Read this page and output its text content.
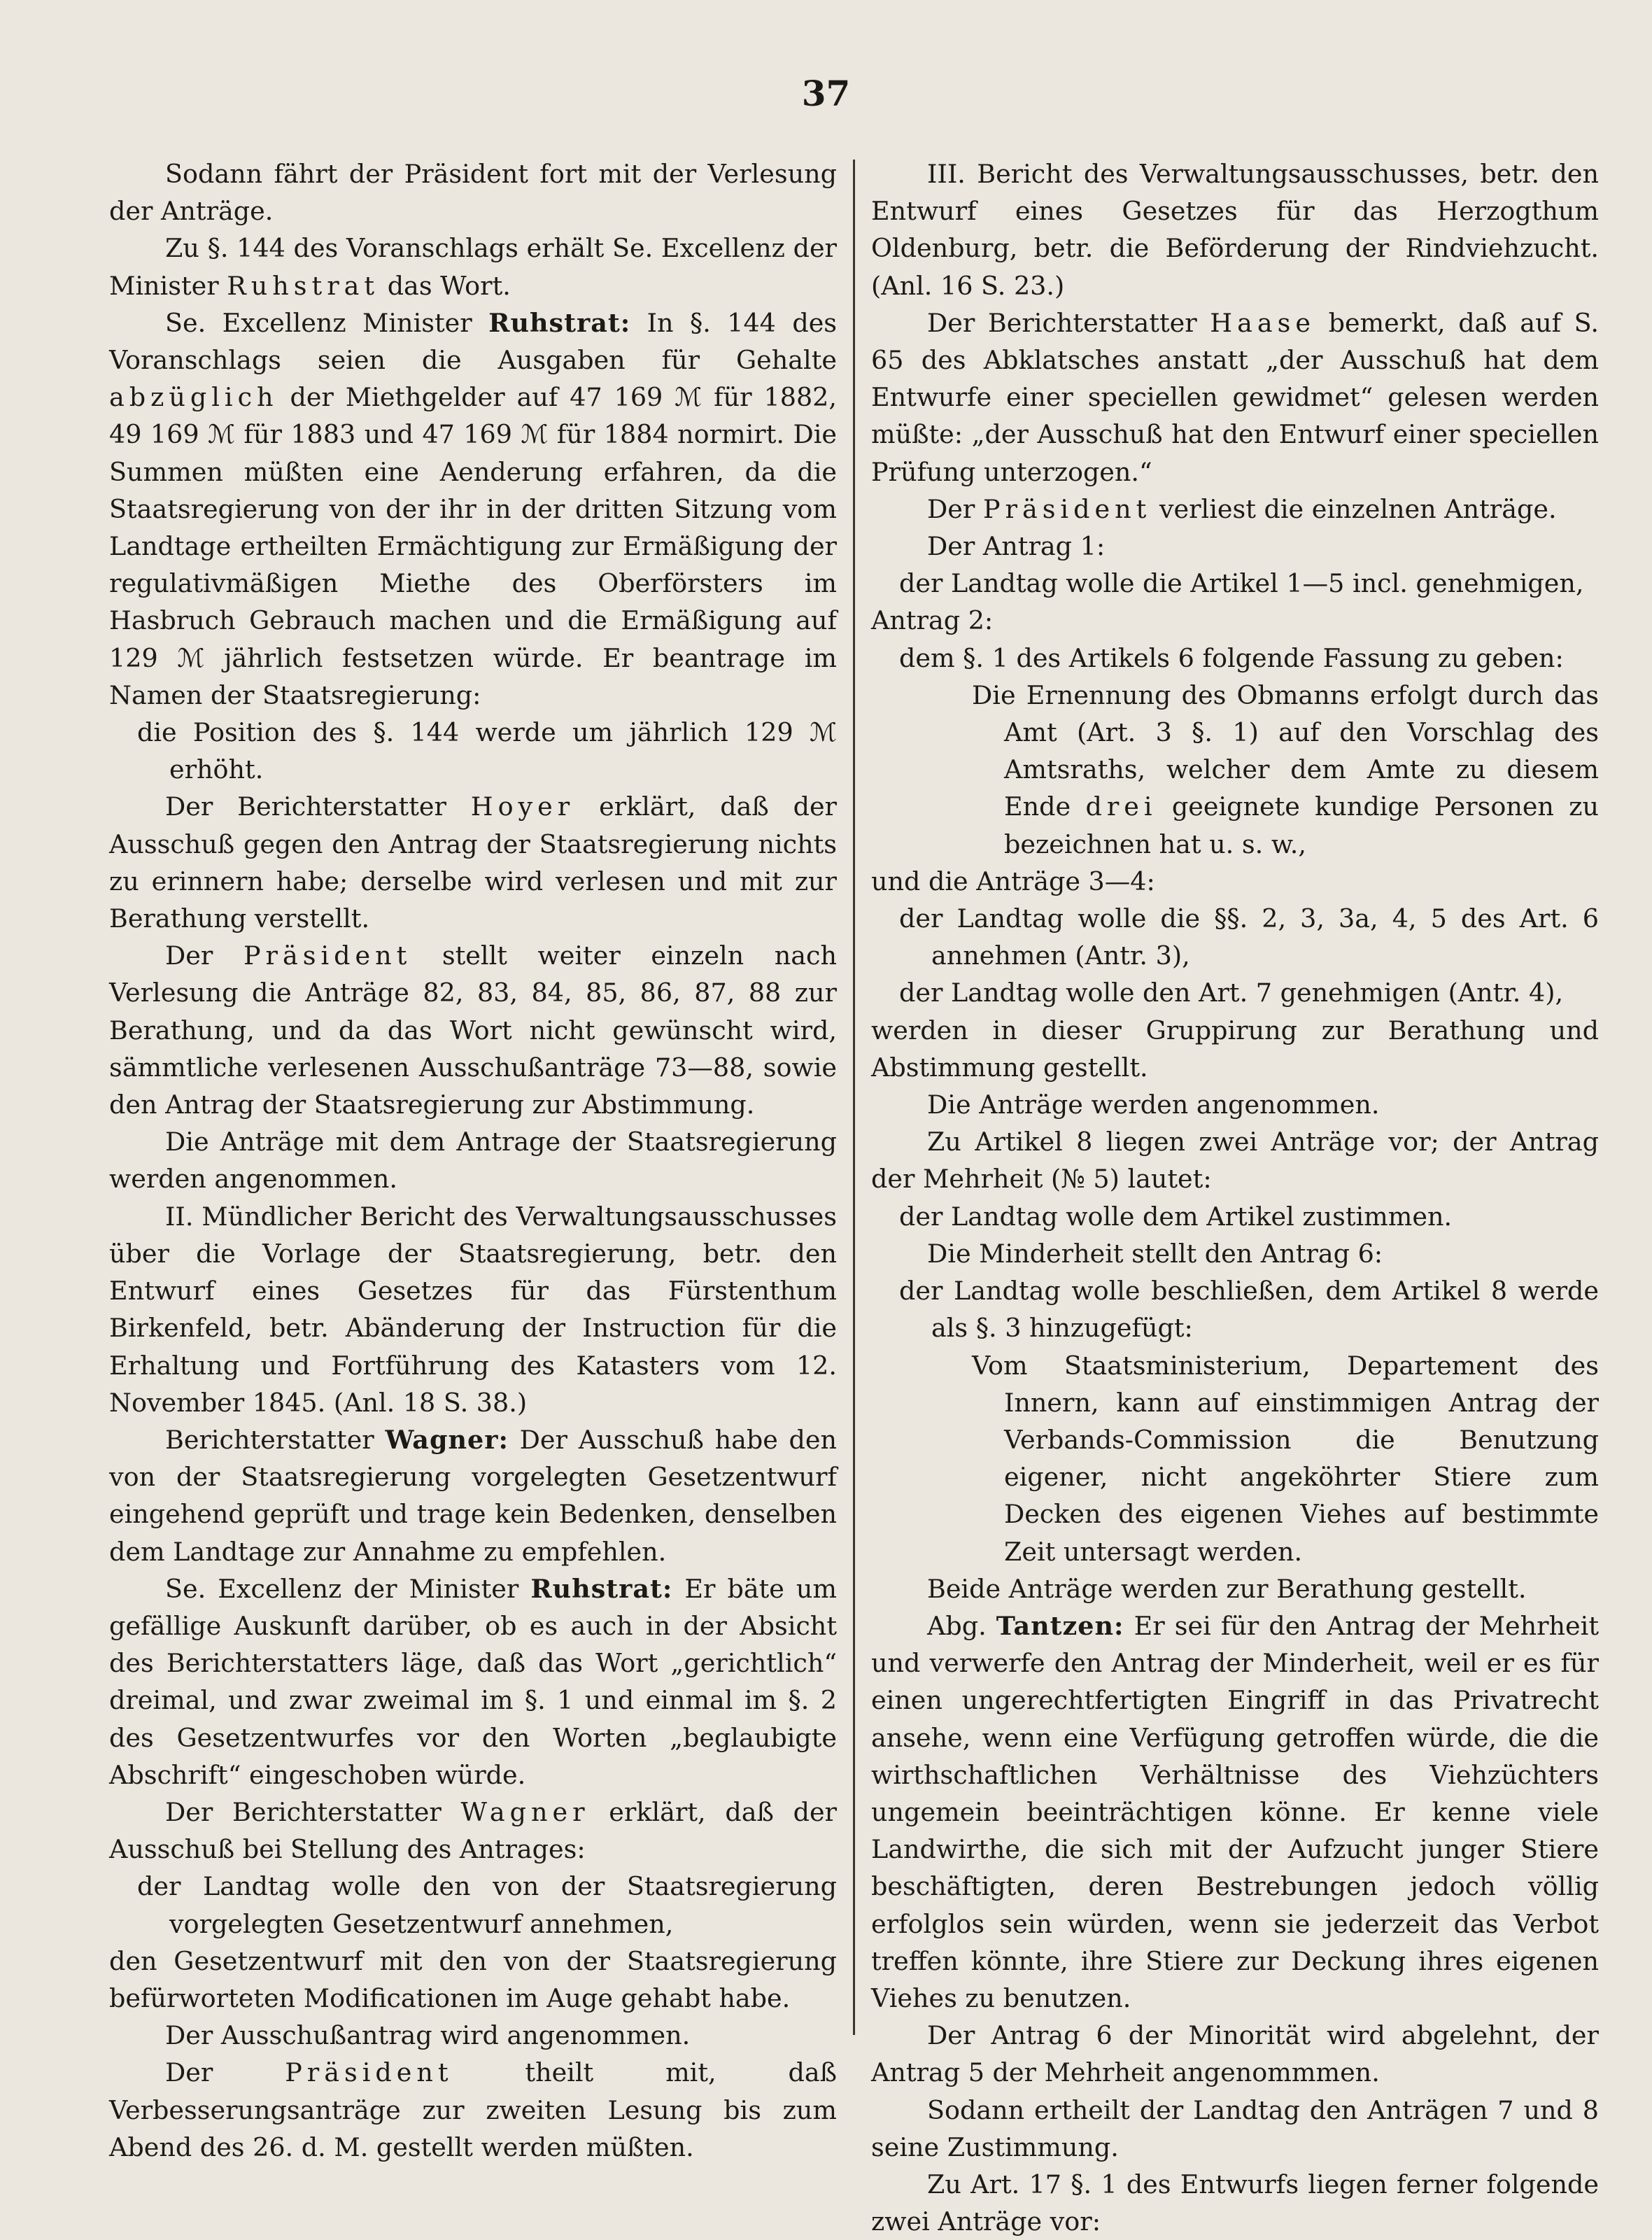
37

Sodann fährt der Präsident fort mit der Verlesung der Anträge.

Zu §. 144 des Voranschlags erhält Se. Excellenz der Minister Ruhstrat das Wort.

Se. Excellenz Minister Ruhstrat: In §. 144 des Voranschlags seien die Ausgaben für Gehalte abzüglich der Miethgelder auf 47 169 ℳ für 1882, 49 169 ℳ für 1883 und 47 169 ℳ für 1884 normirt. Die Summen müßten eine Aenderung erfahren, da die Staatsregierung von der ihr in der dritten Sitzung vom Landtage ertheilten Ermächtigung zur Ermäßigung der regulativmäßigen Miethe des Oberförsters im Hasbruch Gebrauch machen und die Ermäßigung auf 129 ℳ jährlich festsetzen würde. Er beantrage im Namen der Staatsregierung:

die Position des §. 144 werde um jährlich 129 ℳ erhöht.

Der Berichterstatter Hoyer erklärt, daß der Ausschuß gegen den Antrag der Staatsregierung nichts zu erinnern habe; derselbe wird verlesen und mit zur Berathung verstellt.

Der Präsident stellt weiter einzeln nach Verlesung die Anträge 82, 83, 84, 85, 86, 87, 88 zur Berathung, und da das Wort nicht gewünscht wird, sämmtliche verlesenen Ausschußanträge 73—88, sowie den Antrag der Staatsregierung zur Abstimmung.

Die Anträge mit dem Antrage der Staatsregierung werden angenommen.

II. Mündlicher Bericht des Verwaltungsausschusses über die Vorlage der Staatsregierung, betr. den Entwurf eines Gesetzes für das Fürstenthum Birkenfeld, betr. Abänderung der Instruction für die Erhaltung und Fortführung des Katasters vom 12. November 1845. (Anl. 18 S. 38.)

Berichterstatter Wagner: Der Ausschuß habe den von der Staatsregierung vorgelegten Gesetzentwurf eingehend geprüft und trage kein Bedenken, denselben dem Landtage zur Annahme zu empfehlen.

Se. Excellenz der Minister Ruhstrat: Er bäte um gefällige Auskunft darüber, ob es auch in der Absicht des Berichterstatters läge, daß das Wort „gerichtlich“ dreimal, und zwar zweimal im §. 1 und einmal im §. 2 des Gesetzentwurfes vor den Worten „beglaubigte Abschrift“ eingeschoben würde.

Der Berichterstatter Wagner erklärt, daß der Ausschuß bei Stellung des Antrages:

der Landtag wolle den von der Staatsregierung vorgelegten Gesetzentwurf annehmen,

den Gesetzentwurf mit den von der Staatsregierung befürworteten Modificationen im Auge gehabt habe.

Der Ausschußantrag wird angenommen.

Der	Präsident	theilt mit, daß Verbesserungsanträge zur zweiten Lesung bis zum Abend des 26. d. M. gestellt werden müßten.

III. Bericht des Verwaltungsausschusses, betr. den Entwurf eines Gesetzes für das Herzogthum Oldenburg, betr. die Beförderung der Rindviehzucht. (Anl. 16 S. 23.)

Der Berichterstatter Haase bemerkt, daß auf S. 65 des Abklatsches anstatt „der Ausschuß hat dem Entwurfe einer speciellen gewidmet“ gelesen werden müßte: „der Ausschuß hat den Entwurf einer speciellen Prüfung unterzogen.“

Der Präsident verliest die einzelnen Anträge.

Der Antrag 1:

der Landtag wolle die Artikel 1—5 incl. genehmigen,

Antrag 2:

dem §. 1 des Artikels 6 folgende Fassung zu geben:

Die Ernennung des Obmanns erfolgt durch das Amt (Art. 3 §. 1) auf den Vorschlag des Amtsraths, welcher dem Amte zu diesem Ende drei geeignete kundige Personen zu bezeichnen hat u. s. w.,

und die Anträge 3—4:

der Landtag wolle die §§. 2, 3, 3a, 4, 5 des Art. 6 annehmen (Antr. 3),

der Landtag wolle den Art. 7 genehmigen (Antr. 4),

werden in dieser Gruppirung zur Berathung und Abstimmung gestellt.

Die Anträge werden angenommen.

Zu Artikel 8 liegen zwei Anträge vor; der Antrag der Mehrheit (№ 5) lautet:

der Landtag wolle dem Artikel zustimmen.

Die Minderheit stellt den Antrag 6:

der Landtag wolle beschließen, dem Artikel 8 werde als §. 3 hinzugefügt:

Vom Staatsministerium, Departement des Innern, kann auf einstimmigen Antrag der Verbands-Commission die Benutzung eigener, nicht angeköhrter Stiere zum Decken des eigenen Viehes auf bestimmte Zeit untersagt werden.

Beide Anträge werden zur Berathung gestellt.

Abg. Tantzen: Er sei für den Antrag der Mehrheit und verwerfe den Antrag der Minderheit, weil er es für einen ungerechtfertigten Eingriff in das Privatrecht ansehe, wenn eine Verfügung getroffen würde, die die wirthschaftlichen Verhältnisse des Viehzüchters ungemein beeinträchtigen könne. Er kenne viele Landwirthe, die sich mit der Aufzucht junger Stiere beschäftigten, deren Bestrebungen jedoch völlig erfolglos sein würden, wenn sie jederzeit das Verbot treffen könnte, ihre Stiere zur Deckung ihres eigenen Viehes zu benutzen.

Der Antrag 6 der Minorität wird abgelehnt, der Antrag 5 der Mehrheit angenommmen.

Sodann ertheilt der Landtag den Anträgen 7 und 8 seine Zustimmung.

Zu Art. 17 §. 1 des Entwurfs liegen ferner folgende zwei Anträge vor:
